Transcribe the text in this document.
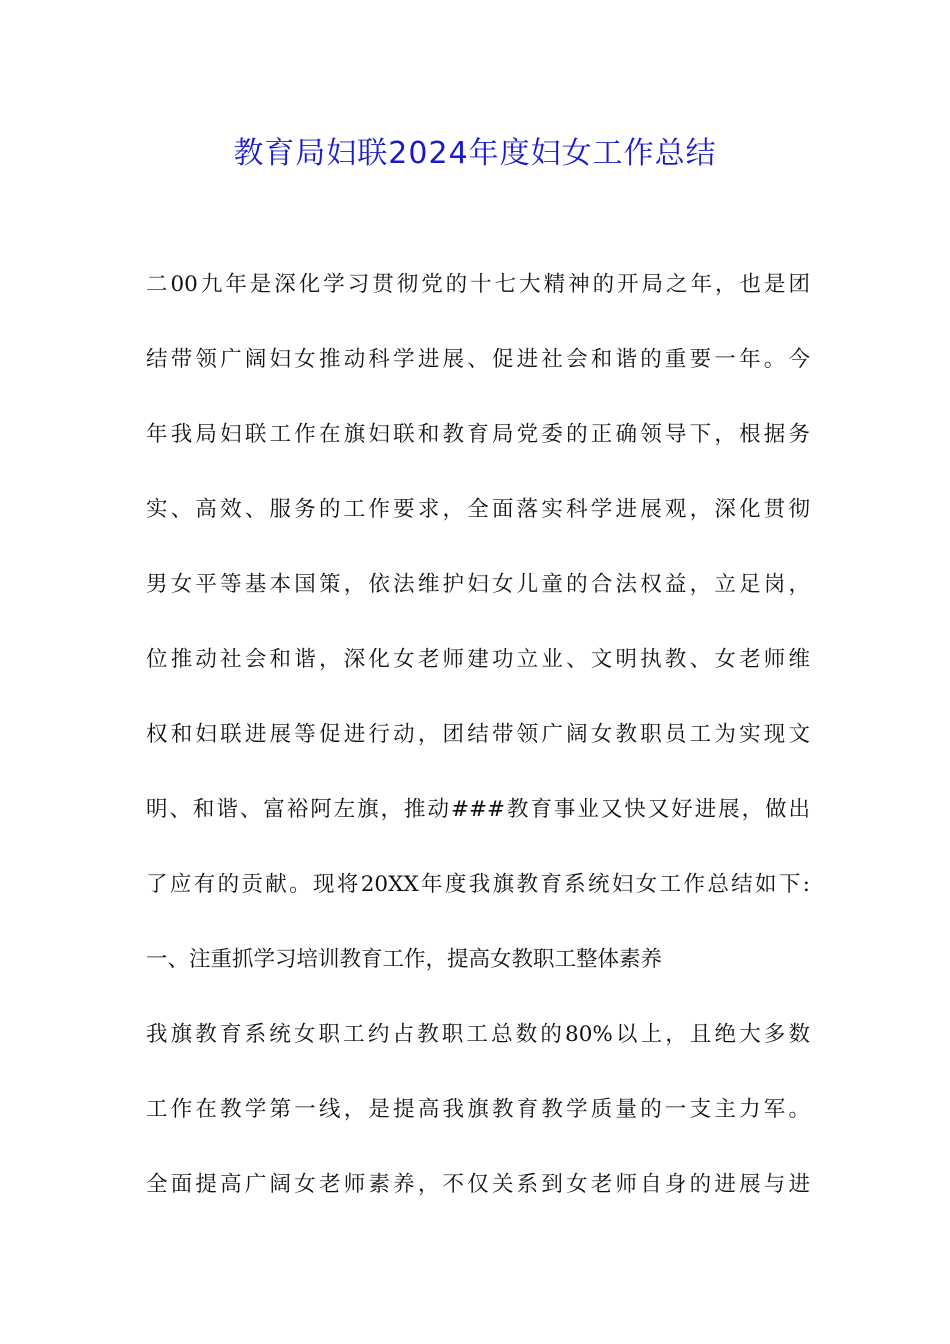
教育局妇联2024年度妇女工作总结
二00九年是深化学习贯彻党的十七大精神的开局之年，也是团
结带领广阔妇女推动科学进展、促进社会和谐的重要一年。今
年我局妇联工作在旗妇联和教育局党委的正确领导下，根据务
实、高效、服务的工作要求，全面落实科学进展观，深化贯彻
男女平等基本国策，依法维护妇女儿童的合法权益，立足岗，
位推动社会和谐，深化女老师建功立业、文明执教、女老师维
权和妇联进展等促进行动，团结带领广阔女教职员工为实现文
明、和谐、富裕阿左旗，推动###教育事业又快又好进展，做出
了应有的贡献。现将20XX年度我旗教育系统妇女工作总结如下:
一、注重抓学习培训教育工作，提高女教职工整体素养
我旗教育系统女职工约占教职工总数的80%以上，且绝大多数
工作在教学第一线，是提高我旗教育教学质量的一支主力军。
全面提高广阔女老师素养，不仅关系到女老师自身的进展与进
